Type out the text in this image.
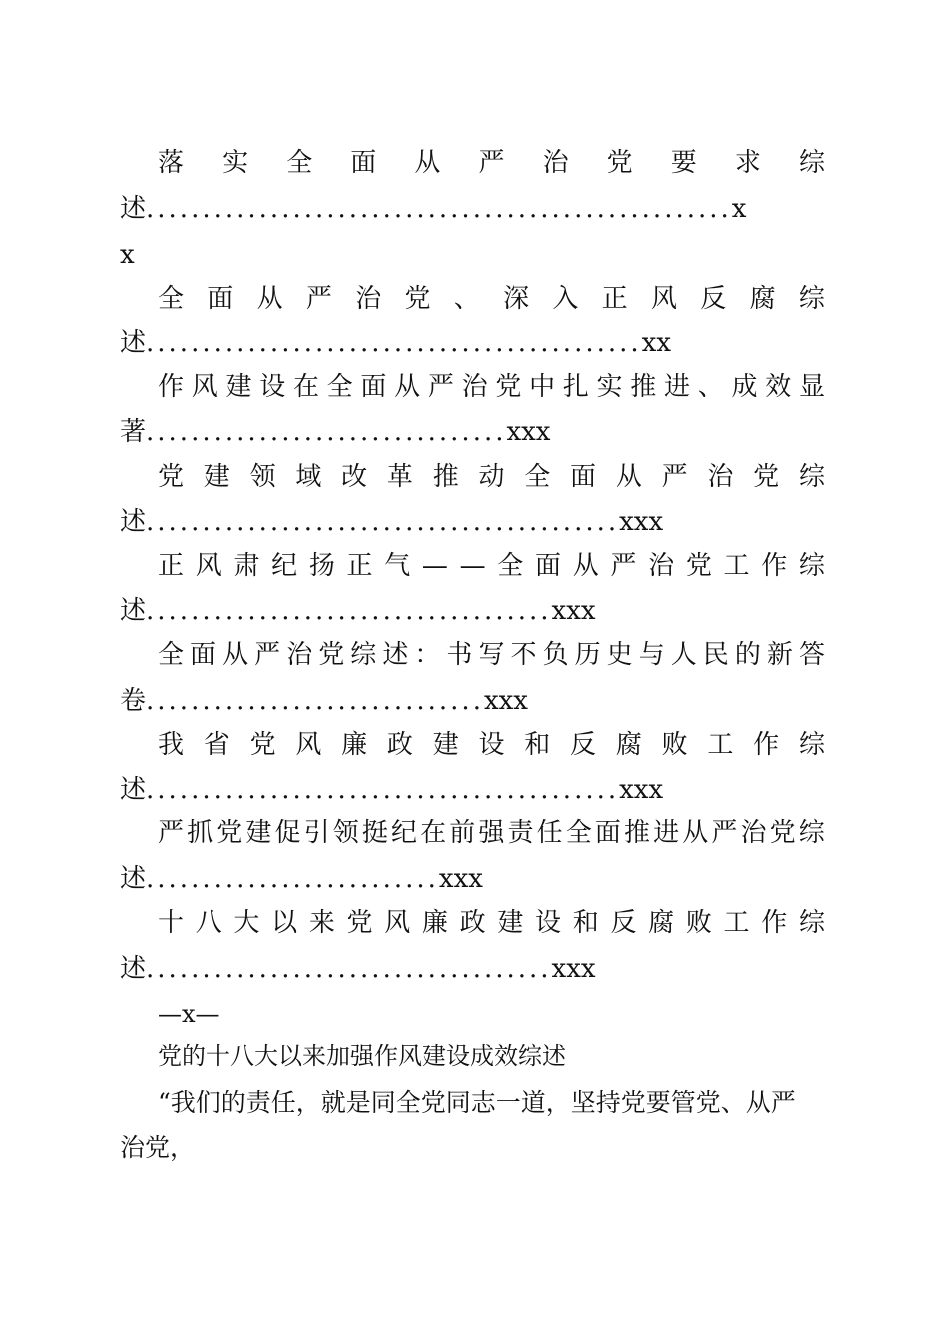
落 实 全 面 从 严 治 党 要 求 综
述....................................................x
x
全 面 从 严 治 党 、 深 入 正 风 反 腐 综
述............................................xx
作 风 建 设 在 全 面 从 严 治 党 中 扎 实 推 进 、 成 效 显
著................................xxx
党 建 领 域 改 革 推 动 全 面 从 严 治 党 综
述..........................................xxx
正 风 肃 纪 扬 正 气 — — 全 面 从 严 治 党 工 作 综
述....................................xxx
全 面 从 严 治 党 综 述 ： 书 写 不 负 历 史 与 人 民 的 新 答
卷..............................xxx
我 省 党 风 廉 政 建 设 和 反 腐 败 工 作 综
述..........................................xxx
严 抓 党 建 促 引 领 挺 纪 在 前 强 责 任 全 面 推 进 从 严 治 党 综
述..........................xxx
十 八 大 以 来 党 风 廉 政 建 设 和 反 腐 败 工 作 综
述....................................xxx
—x—
党的十八大以来加强作风建设成效综述
“我们的责任，就是同全党同志一道，坚持党要管党、从严
治党，
